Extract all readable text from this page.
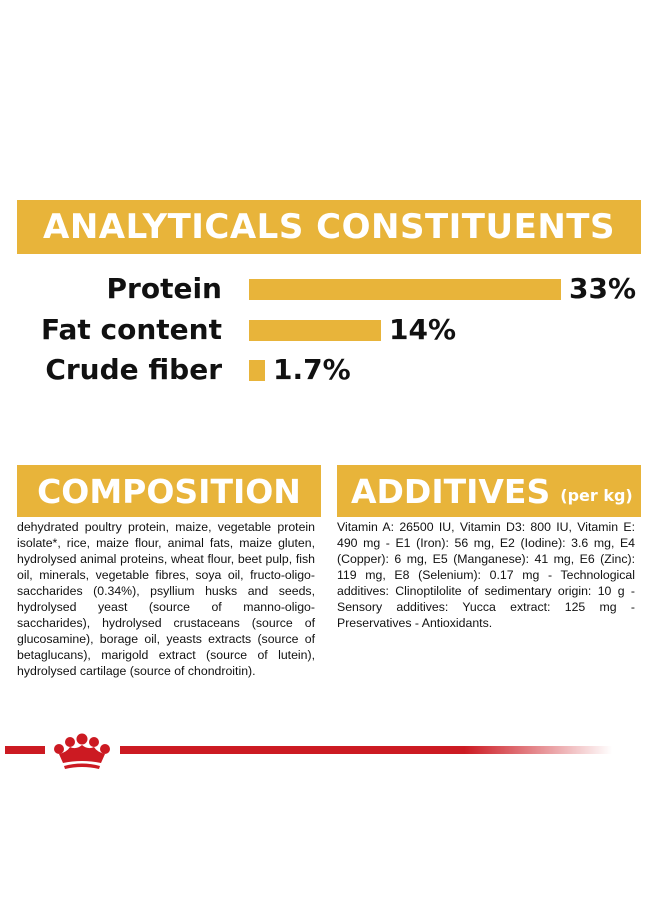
ANALYTICALS CONSTITUENTS
Protein	33%
Fat content	14%
Crude fiber 1.7%
COMPOSITION
dehydrated poultry protein, maize, vegetable protein isolate*, rice, maize flour, animal fats, maize gluten, hydrolysed animal proteins, wheat flour, beet pulp, fish oil, minerals, vegetable fibres, soya oil, fructo-oligo-saccharides (0.34%), psyllium husks and seeds, hydrolysed yeast (source of manno-oligo-saccharides), hydrolysed crustaceans (source of glucosamine), borage oil, yeasts extracts (source of betaglucans), marigold extract (source of lutein), hydrolysed cartilage (source of chondroitin).
ADDITIVES (per kg)
Vitamin A: 26500 IU, Vitamin D3: 800 IU, Vitamin E: 490 mg - E1 (Iron): 56 mg, E2 (Iodine): 3.6 mg, E4 (Copper): 6 mg, E5 (Manganese): 41 mg, E6 (Zinc): 119 mg, E8 (Selenium): 0.17 mg - Technological additives: Clinoptilolite of sedimentary origin: 10 g - Sensory additives: Yucca extract: 125 mg - Preservatives - Antioxidants.
